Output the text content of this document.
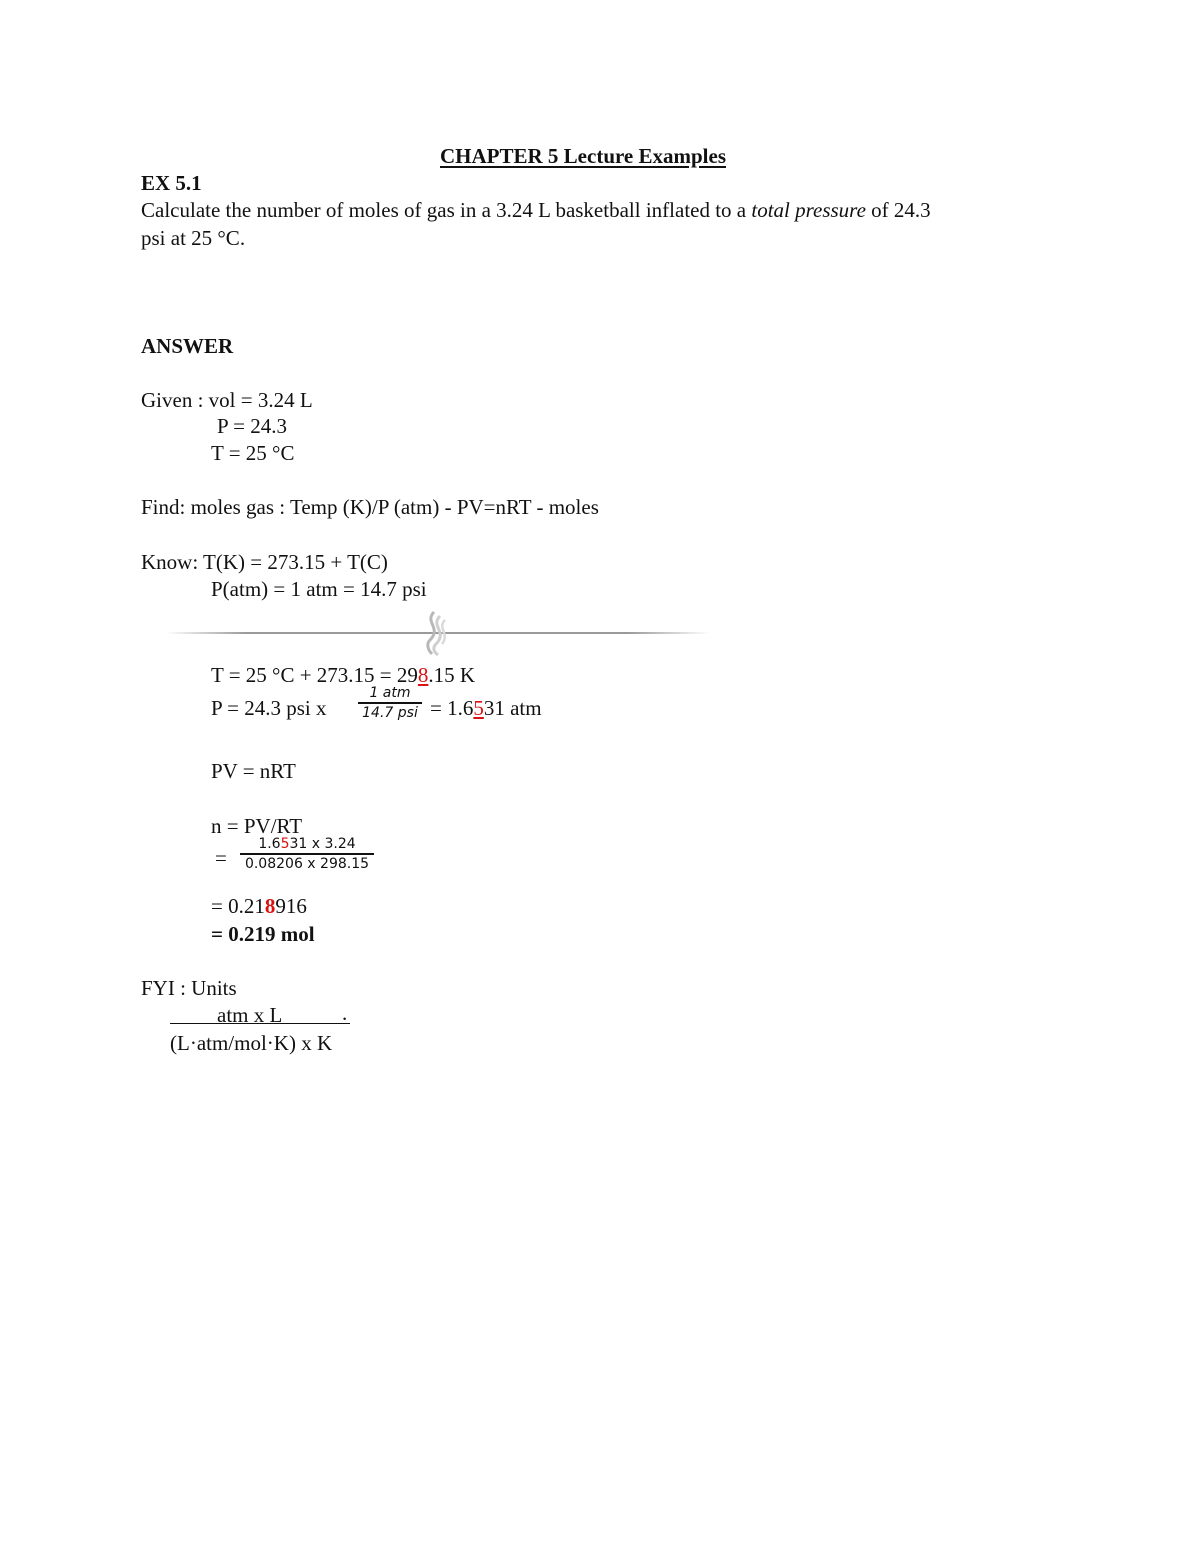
CHAPTER 5 Lecture Examples
EX 5.1
Calculate the number of moles of gas in a 3.24 L basketball inflated to a total pressure of 24.3
psi at 25 °C.
ANSWER
Given : vol = 3.24 L
P = 24.3
T = 25 °C
Find: moles gas : Temp (K)/P (atm) - PV=nRT - moles
Know: T(K) = 273.15 + T(C)
P(atm) = 1 atm = 14.7 psi
T = 25 °C + 273.15 = 298.15 K
P = 24.3 psi x
1 atm
14.7 psi = 1.6531 atm
PV = nRT
n = PV/RT
=
1.6531 x 3.24
0.08206 x 298.15
= 0.218916
= 0.219 mol
FYI : Units
atm x L	.
(L·atm/mol·K) x K
